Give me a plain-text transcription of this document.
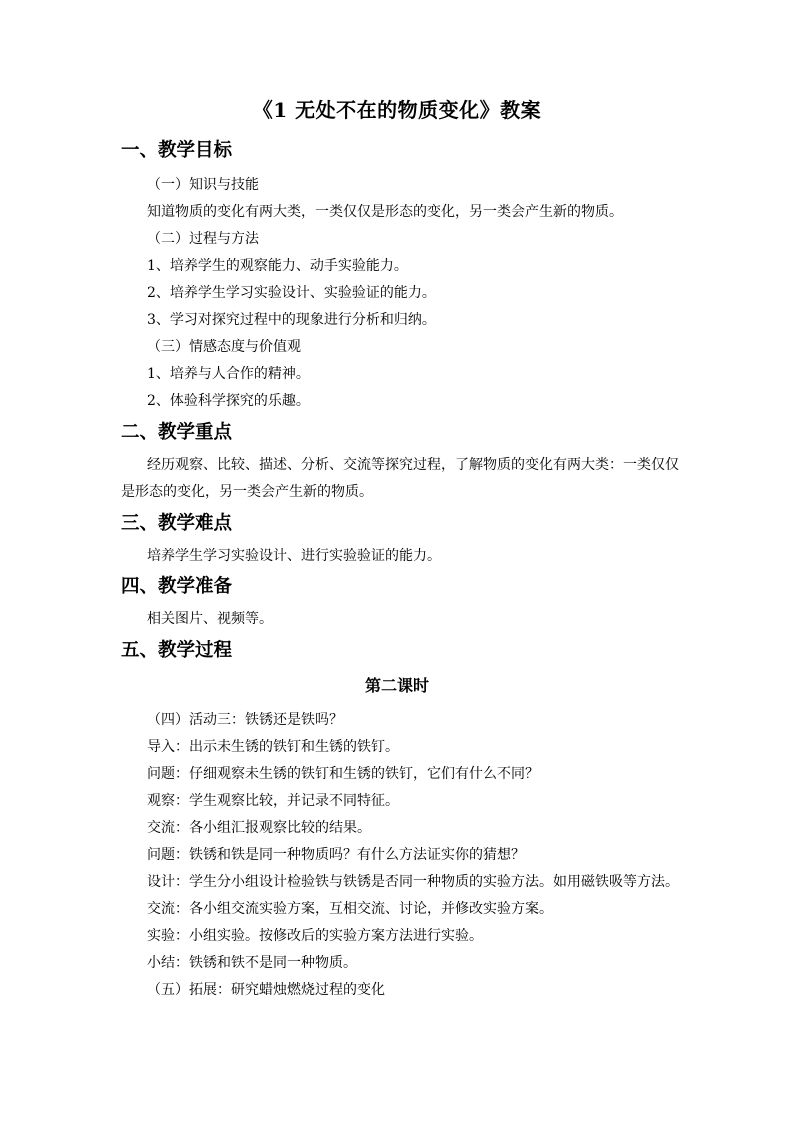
《1 无处不在的物质变化》教案
一、教学目标
（一）知识与技能
知道物质的变化有两大类，一类仅仅是形态的变化，另一类会产生新的物质。
（二）过程与方法
1、培养学生的观察能力、动手实验能力。
2、培养学生学习实验设计、实验验证的能力。
3、学习对探究过程中的现象进行分析和归纳。
（三）情感态度与价值观
1、培养与人合作的精神。
2、体验科学探究的乐趣。
二、教学重点
经历观察、比较、描述、分析、交流等探究过程，了解物质的变化有两大类：一类仅仅
是形态的变化，另一类会产生新的物质。
三、教学难点
培养学生学习实验设计、进行实验验证的能力。
四、教学准备
相关图片、视频等。
五、教学过程
第二课时
（四）活动三：铁锈还是铁吗？
导入：出示未生锈的铁钉和生锈的铁钉。
问题：仔细观察未生锈的铁钉和生锈的铁钉，它们有什么不同？
观察：学生观察比较，并记录不同特征。
交流：各小组汇报观察比较的结果。
问题：铁锈和铁是同一种物质吗？有什么方法证实你的猜想？
设计：学生分小组设计检验铁与铁锈是否同一种物质的实验方法。如用磁铁吸等方法。
交流：各小组交流实验方案，互相交流、讨论，并修改实验方案。
实验：小组实验。按修改后的实验方案方法进行实验。
小结：铁锈和铁不是同一种物质。
（五）拓展：研究蜡烛燃烧过程的变化
